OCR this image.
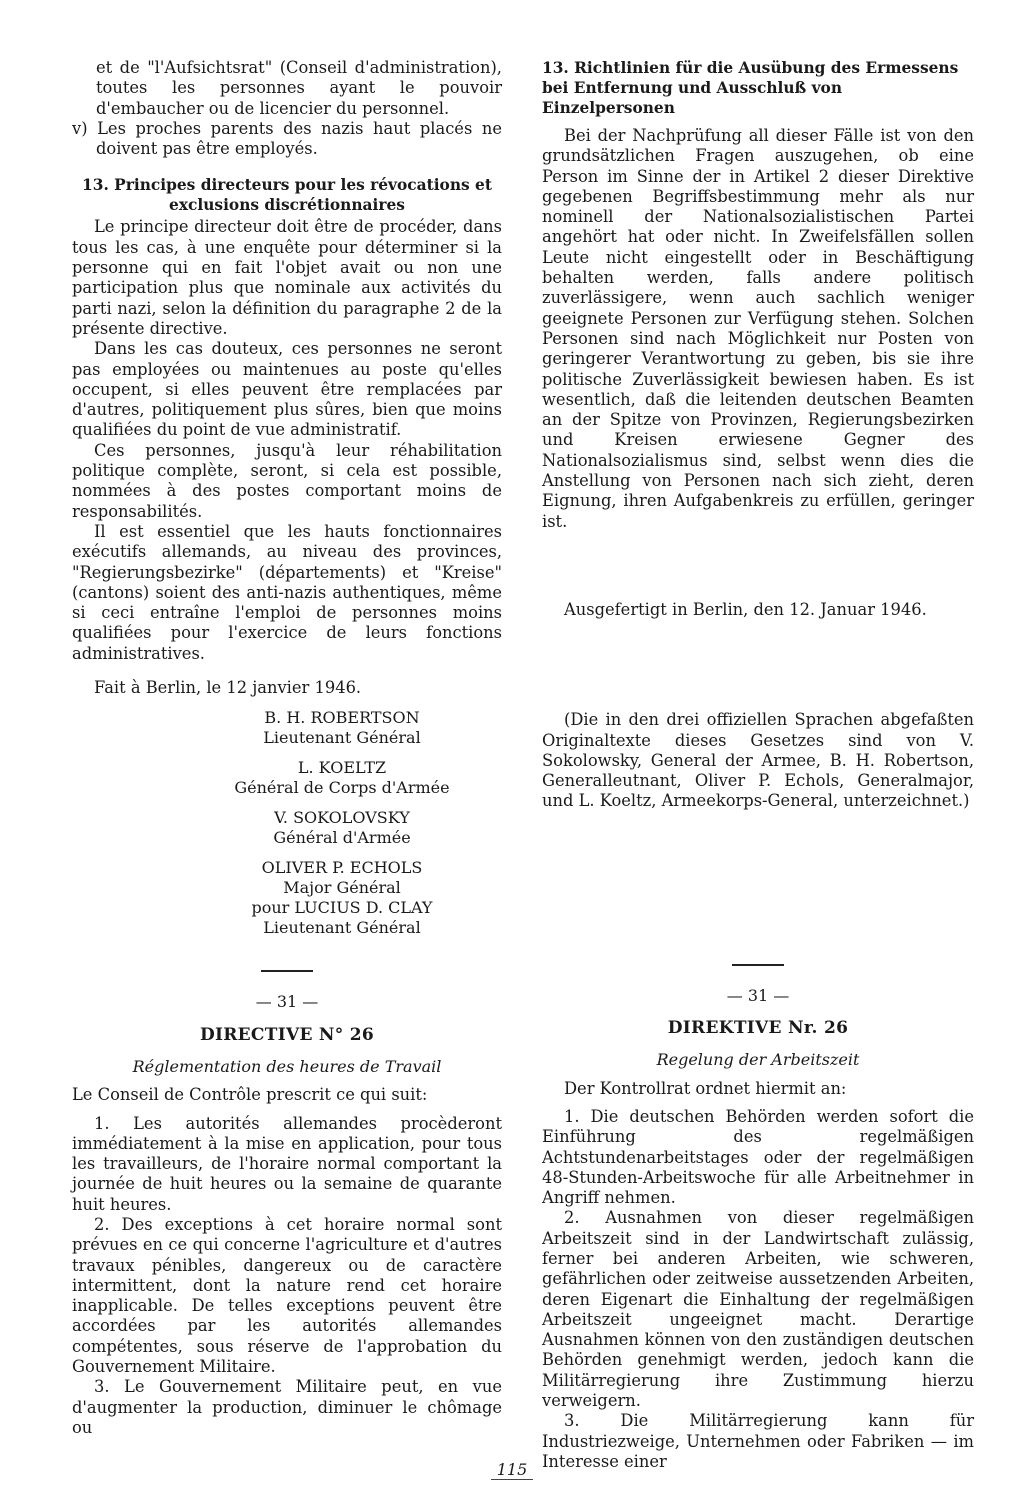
et de "l'Aufsichtsrat" (Conseil d'administration), toutes les personnes ayant le pouvoir d'embaucher ou de licencier du personnel.

v) Les proches parents des nazis haut placés ne doivent pas être employés.

13. Principes directeurs pour les révocations et exclusions discrétionnaires

Le principe directeur doit être de procéder, dans tous les cas, à une enquête pour déterminer si la personne qui en fait l'objet avait ou non une participation plus que nominale aux activités du parti nazi, selon la définition du paragraphe 2 de la présente directive.

Dans les cas douteux, ces personnes ne seront pas employées ou maintenues au poste qu'elles occupent, si elles peuvent être remplacées par d'autres, politiquement plus sûres, bien que moins qualifiées du point de vue administratif.

Ces personnes, jusqu'à leur réhabilitation politique complète, seront, si cela est possible, nommées à des postes comportant moins de responsabilités.

Il est essentiel que les hauts fonctionnaires exécutifs allemands, au niveau des provinces, "Regierungsbezirke" (départements) et "Kreise" (cantons) soient des anti-nazis authentiques, même si ceci entraîne l'emploi de personnes moins qualifiées pour l'exercice de leurs fonctions administratives.

Fait à Berlin, le 12 janvier 1946.

B. H. ROBERTSON
Lieutenant Général
L. KOELTZ
Général de Corps d'Armée
V. SOKOLOVSKY
Général d'Armée
OLIVER P. ECHOLS
Major Général
pour LUCIUS D. CLAY
Lieutenant Général

— 31 —

DIRECTIVE N° 26

Réglementation des heures de Travail

Le Conseil de Contrôle prescrit ce qui suit:

1. Les autorités allemandes procèderont immédiatement à la mise en application, pour tous les travailleurs, de l'horaire normal comportant la journée de huit heures ou la semaine de quarante huit heures.

2. Des exceptions à cet horaire normal sont prévues en ce qui concerne l'agriculture et d'autres travaux pénibles, dangereux ou de caractère intermittent, dont la nature rend cet horaire inapplicable. De telles exceptions peuvent être accordées par les autorités allemandes compétentes, sous réserve de l'approbation du Gouvernement Militaire.

3. Le Gouvernement Militaire peut, en vue d'augmenter la production, diminuer le chômage ou

13. Richtlinien für die Ausübung des Ermessens bei Entfernung und Ausschluß von Einzelpersonen

Bei der Nachprüfung all dieser Fälle ist von den grundsätzlichen Fragen auszugehen, ob eine Person im Sinne der in Artikel 2 dieser Direktive gegebenen Begriffsbestimmung mehr als nur nominell der Nationalsozialistischen Partei angehört hat oder nicht. In Zweifelsfällen sollen Leute nicht eingestellt oder in Beschäftigung behalten werden, falls andere politisch zuverlässigere, wenn auch sachlich weniger geeignete Personen zur Verfügung stehen. Solchen Personen sind nach Möglichkeit nur Posten von geringerer Verantwortung zu geben, bis sie ihre politische Zuverlässigkeit bewiesen haben. Es ist wesentlich, daß die leitenden deutschen Beamten an der Spitze von Provinzen, Regierungsbezirken und Kreisen erwiesene Gegner des Nationalsozialismus sind, selbst wenn dies die Anstellung von Personen nach sich zieht, deren Eignung, ihren Aufgabenkreis zu erfüllen, geringer ist.

Ausgefertigt in Berlin, den 12. Januar 1946.

(Die in den drei offiziellen Sprachen abgefaßten Originaltexte dieses Gesetzes sind von V. Sokolowsky, General der Armee, B. H. Robertson, Generalleutnant, Oliver P. Echols, Generalmajor, und L. Koeltz, Armeekorps-General, unterzeichnet.)

— 31 —

DIREKTIVE Nr. 26

Regelung der Arbeitszeit

Der Kontrollrat ordnet hiermit an:

1. Die deutschen Behörden werden sofort die Einführung des regelmäßigen Achtstundenarbeitstages oder der regelmäßigen 48-Stunden-Arbeitswoche für alle Arbeitnehmer in Angriff nehmen.

2. Ausnahmen von dieser regelmäßigen Arbeitszeit sind in der Landwirtschaft zulässig, ferner bei anderen Arbeiten, wie schweren, gefährlichen oder zeitweise aussetzenden Arbeiten, deren Eigenart die Einhaltung der regelmäßigen Arbeitszeit ungeeignet macht. Derartige Ausnahmen können von den zuständigen deutschen Behörden genehmigt werden, jedoch kann die Militärregierung ihre Zustimmung hierzu verweigern.

3. Die Militärregierung kann für Industriezweige, Unternehmen oder Fabriken — im Interesse einer

115
